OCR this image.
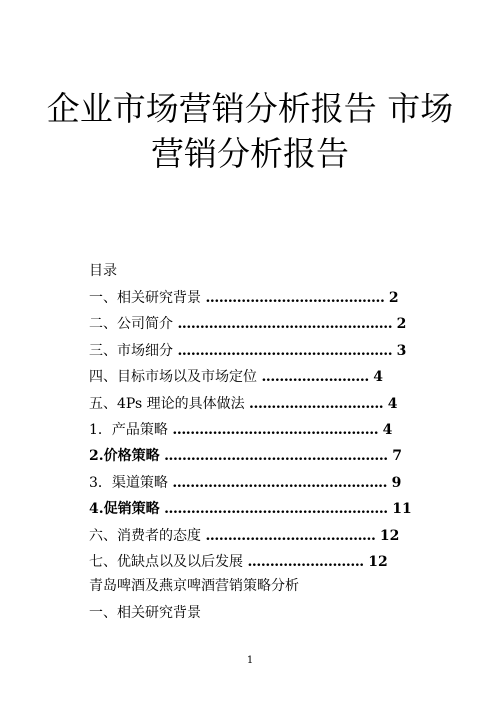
企业市场营销分析报告 市场营销分析报告
目录
一、相关研究背景 ........................................ 2
二、公司简介 ................................................ 2
三、市场细分 ................................................ 3
四、目标市场以及市场定位 ........................ 4
五、4Ps 理论的具体做法 .............................. 4
1．产品策略 .............................................. 4
2.价格策略 .................................................. 7
3．渠道策略 ................................................ 9
4.促销策略 .................................................. 11
六、消费者的态度 ...................................... 12
七、优缺点以及以后发展 .......................... 12
青岛啤酒及燕京啤酒营销策略分析
一、相关研究背景
1
